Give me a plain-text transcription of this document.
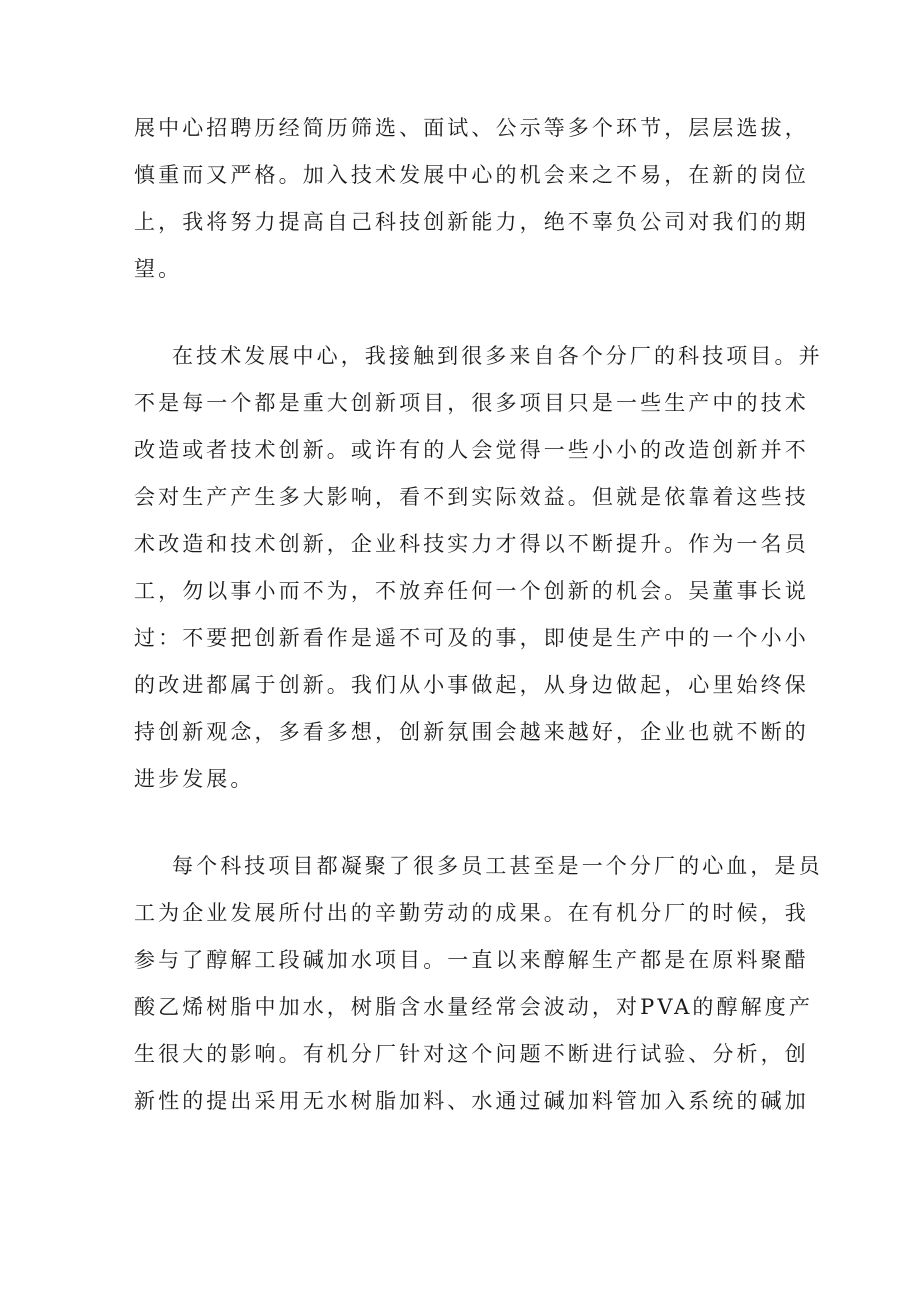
展中心招聘历经简历筛选、面试、公示等多个环节，层层选拔，
慎重而又严格。加入技术发展中心的机会来之不易，在新的岗位
上，我将努力提高自己科技创新能力，绝不辜负公司对我们的期
望。
在技术发展中心，我接触到很多来自各个分厂的科技项目。并
不是每一个都是重大创新项目，很多项目只是一些生产中的技术
改造或者技术创新。或许有的人会觉得一些小小的改造创新并不
会对生产产生多大影响，看不到实际效益。但就是依靠着这些技
术改造和技术创新，企业科技实力才得以不断提升。作为一名员
工，勿以事小而不为，不放弃任何一个创新的机会。吴董事长说
过：不要把创新看作是遥不可及的事，即使是生产中的一个小小
的改进都属于创新。我们从小事做起，从身边做起，心里始终保
持创新观念，多看多想，创新氛围会越来越好，企业也就不断的
进步发展。
每个科技项目都凝聚了很多员工甚至是一个分厂的心血，是员
工为企业发展所付出的辛勤劳动的成果。在有机分厂的时候，我
参与了醇解工段碱加水项目。一直以来醇解生产都是在原料聚醋
酸乙烯树脂中加水，树脂含水量经常会波动，对PVA的醇解度产
生很大的影响。有机分厂针对这个问题不断进行试验、分析，创
新性的提出采用无水树脂加料、水通过碱加料管加入系统的碱加
